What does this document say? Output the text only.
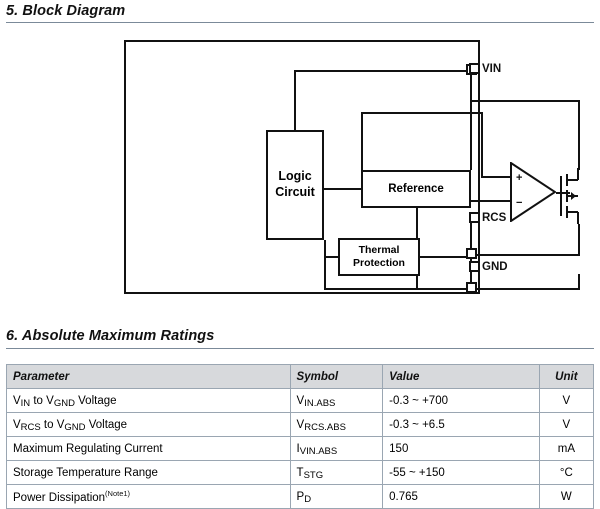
5. Block Diagram
Logic
Circuit	Reference
Thermal
Protection
+
−
VIN
RCS
GND
6. Absolute Maximum Ratings
Parameter	Symbol	Value	Unit
$V_{IN}$ to $V_{GND}$ Voltage	$V_{IN.ABS}$	-0.3 ~ +700	V
$V_{RCS}$ to $V_{GND}$ Voltage	$V_{RCS.ABS}$	-0.3 ~ +6.5	V
Maximum Regulating Current	$I_{VIN.ABS}$	150	mA
Storage Temperature Range	$T_{STG}$	-55 ~ +150	°C
Power Dissipation$^{(Note1)}$	$P_D$	0.765	W
